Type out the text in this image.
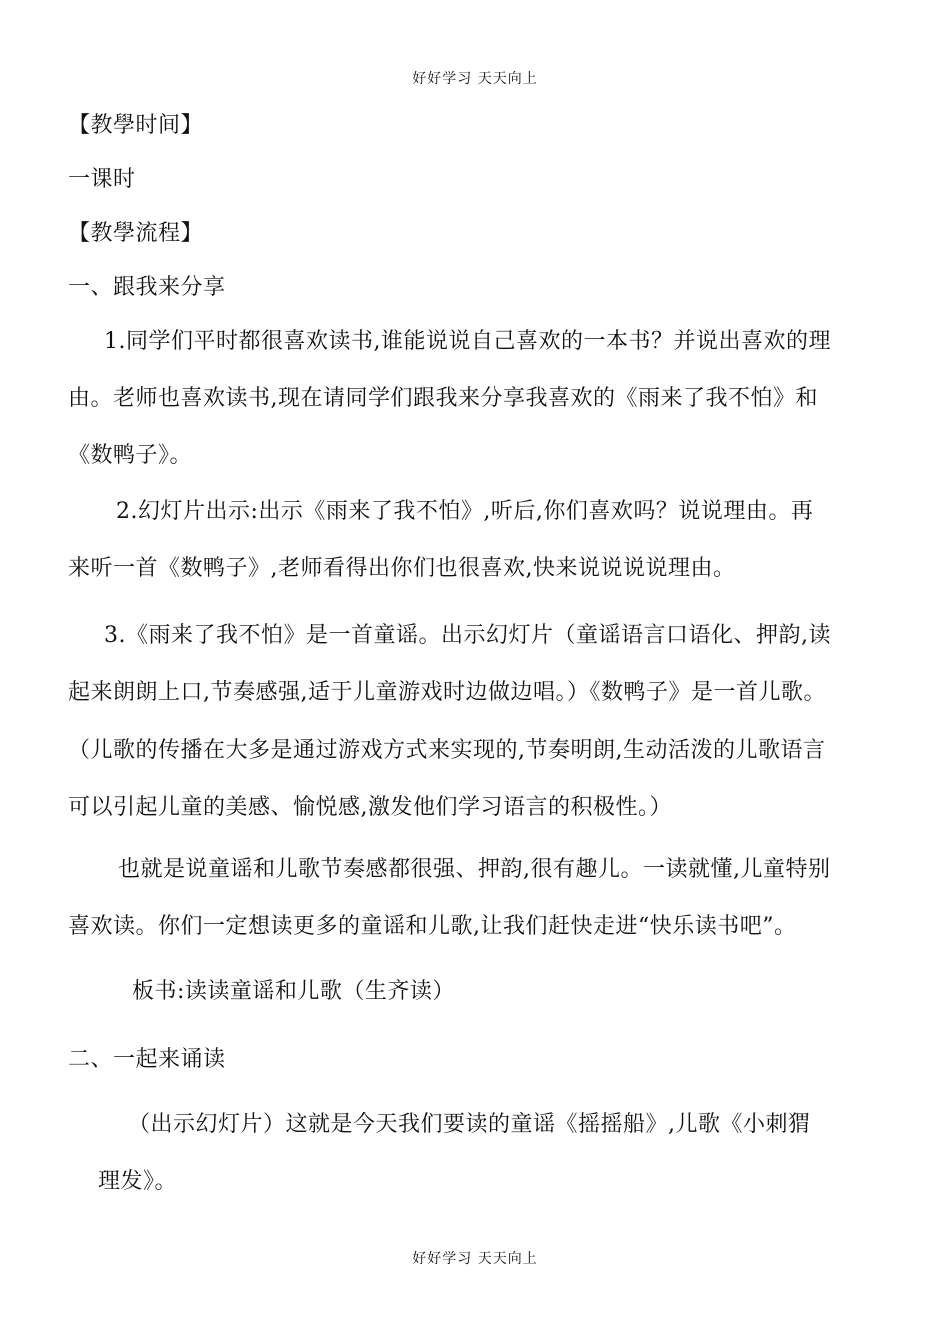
好好学习 天天向上
【教學时间】
一课时
【教學流程】
一、跟我来分享
1.同学们平时都很喜欢读书,谁能说说自己喜欢的一本书？并说出喜欢的理
由。老师也喜欢读书,现在请同学们跟我来分享我喜欢的《雨来了我不怕》和
《数鸭子》。
2.幻灯片出示:出示《雨来了我不怕》,听后,你们喜欢吗？说说理由。再
来听一首《数鸭子》,老师看得出你们也很喜欢,快来说说说说理由。
3.《雨来了我不怕》是一首童谣。出示幻灯片（童谣语言口语化、押韵,读
起来朗朗上口,节奏感强,适于儿童游戏时边做边唱。）《数鸭子》是一首儿歌。
（儿歌的传播在大多是通过游戏方式来实现的,节奏明朗,生动活泼的儿歌语言
可以引起儿童的美感、愉悦感,激发他们学习语言的积极性。）
也就是说童谣和儿歌节奏感都很强、押韵,很有趣儿。一读就懂,儿童特别
喜欢读。你们一定想读更多的童谣和儿歌,让我们赶快走进“快乐读书吧”。
板书:读读童谣和儿歌（生齐读）
二、一起来诵读
（出示幻灯片）这就是今天我们要读的童谣《摇摇船》,儿歌《小刺猬
理发》。
好好学习 天天向上
